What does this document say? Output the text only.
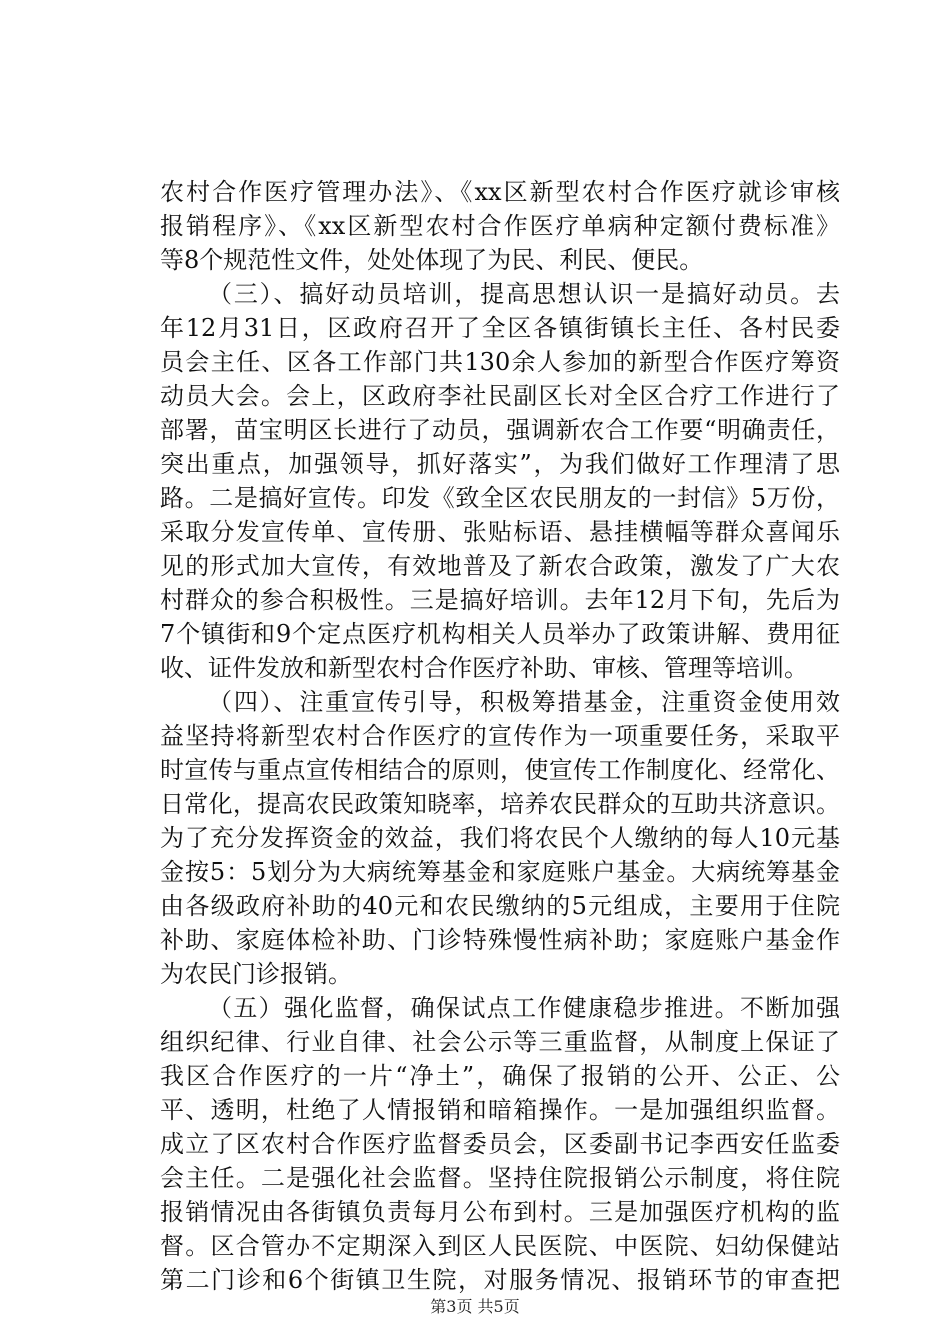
农村合作医疗管理办法》、《xx区新型农村合作医疗就诊审核
报销程序》、《xx区新型农村合作医疗单病种定额付费标准》
等8个规范性文件，处处体现了为民、利民、便民。
（三）、搞好动员培训，提高思想认识一是搞好动员。去
年12月31日，区政府召开了全区各镇街镇长主任、各村民委
员会主任、区各工作部门共130余人参加的新型合作医疗筹资
动员大会。会上，区政府李社民副区长对全区合疗工作进行了
部署，苗宝明区长进行了动员，强调新农合工作要“明确责任，
突出重点，加强领导，抓好落实”，为我们做好工作理清了思
路。二是搞好宣传。印发《致全区农民朋友的一封信》5万份，
采取分发宣传单、宣传册、张贴标语、悬挂横幅等群众喜闻乐
见的形式加大宣传，有效地普及了新农合政策，激发了广大农
村群众的参合积极性。三是搞好培训。去年12月下旬，先后为
7个镇街和9个定点医疗机构相关人员举办了政策讲解、费用征
收、证件发放和新型农村合作医疗补助、审核、管理等培训。
（四）、注重宣传引导，积极筹措基金，注重资金使用效
益坚持将新型农村合作医疗的宣传作为一项重要任务，采取平
时宣传与重点宣传相结合的原则，使宣传工作制度化、经常化、
日常化，提高农民政策知晓率，培养农民群众的互助共济意识。
为了充分发挥资金的效益，我们将农民个人缴纳的每人10元基
金按5：5划分为大病统筹基金和家庭账户基金。大病统筹基金
由各级政府补助的40元和农民缴纳的5元组成，主要用于住院
补助、家庭体检补助、门诊特殊慢性病补助；家庭账户基金作
为农民门诊报销。
（五）强化监督，确保试点工作健康稳步推进。不断加强
组织纪律、行业自律、社会公示等三重监督，从制度上保证了
我区合作医疗的一片“净土”，确保了报销的公开、公正、公
平、透明，杜绝了人情报销和暗箱操作。一是加强组织监督。
成立了区农村合作医疗监督委员会，区委副书记李西安任监委
会主任。二是强化社会监督。坚持住院报销公示制度，将住院
报销情况由各街镇负责每月公布到村。三是加强医疗机构的监
督。区合管办不定期深入到区人民医院、中医院、妇幼保健站
第二门诊和6个街镇卫生院，对服务情况、报销环节的审查把
第3页 共5页
